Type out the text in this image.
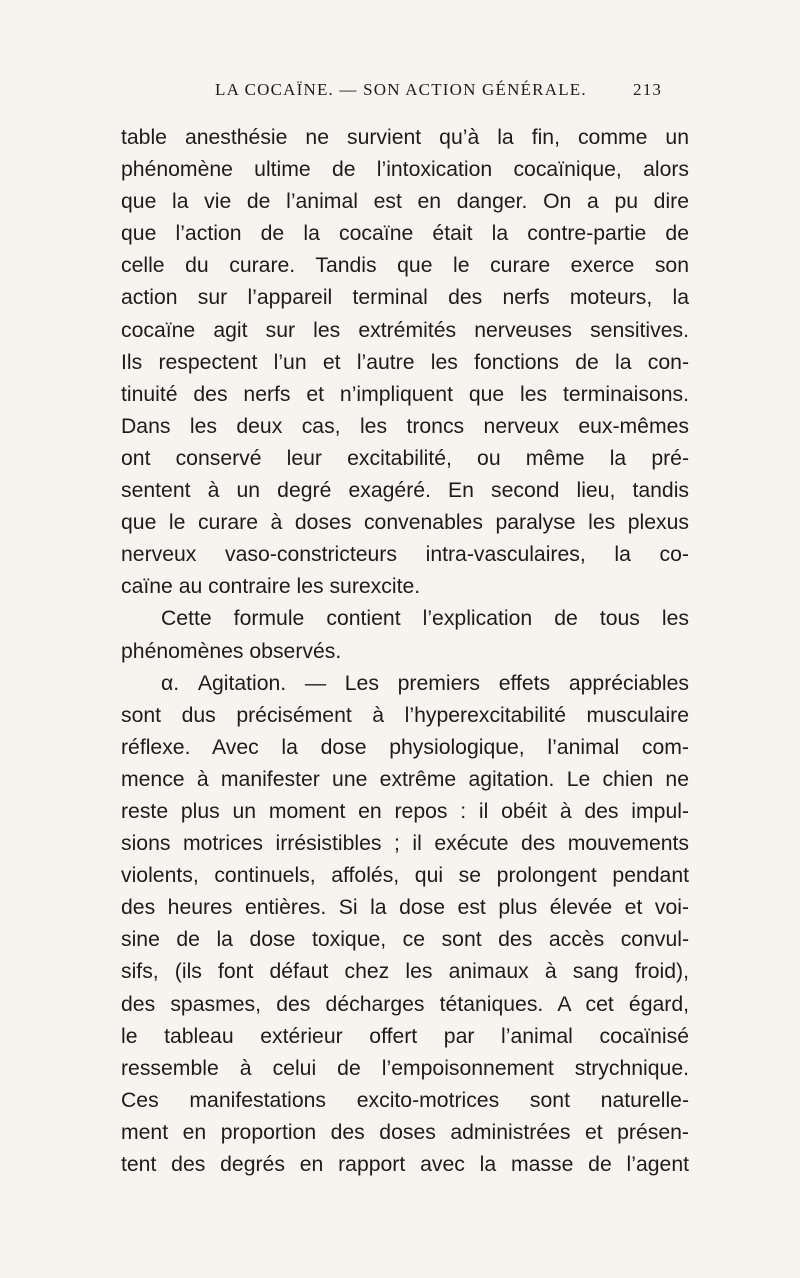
LA COCAÏNE. — SON ACTION GÉNÉRALE.	213
table anesthésie ne survient qu’à la fin, comme un
phénomène ultime de l’intoxication cocaïnique, alors
que la vie de l’animal est en danger. On a pu dire
que l’action de la cocaïne était la contre-partie de
celle du curare. Tandis que le curare exerce son
action sur l’appareil terminal des nerfs moteurs, la
cocaïne agit sur les extrémités nerveuses sensitives.
Ils respectent l’un et l’autre les fonctions de la con-
tinuité des nerfs et n’impliquent que les terminaisons.
Dans les deux cas, les troncs nerveux eux-mêmes
ont conservé leur excitabilité, ou même la pré-
sentent à un degré exagéré. En second lieu, tandis
que le curare à doses convenables paralyse les plexus
nerveux vaso-constricteurs intra-vasculaires, la co-
caïne au contraire les surexcite.
Cette formule contient l’explication de tous les
phénomènes observés.
α. Agitation. — Les premiers effets appréciables
sont dus précisément à l’hyperexcitabilité musculaire
réflexe. Avec la dose physiologique, l’animal com-
mence à manifester une extrême agitation. Le chien ne
reste plus un moment en repos : il obéit à des impul-
sions motrices irrésistibles ; il exécute des mouvements
violents, continuels, affolés, qui se prolongent pendant
des heures entières. Si la dose est plus élevée et voi-
sine de la dose toxique, ce sont des accès convul-
sifs, (ils font défaut chez les animaux à sang froid),
des spasmes, des décharges tétaniques. A cet égard,
le tableau extérieur offert par l’animal cocaïnisé
ressemble à celui de l’empoisonnement strychnique.
Ces manifestations excito-motrices sont naturelle-
ment en proportion des doses administrées et présen-
tent des degrés en rapport avec la masse de l’agent
